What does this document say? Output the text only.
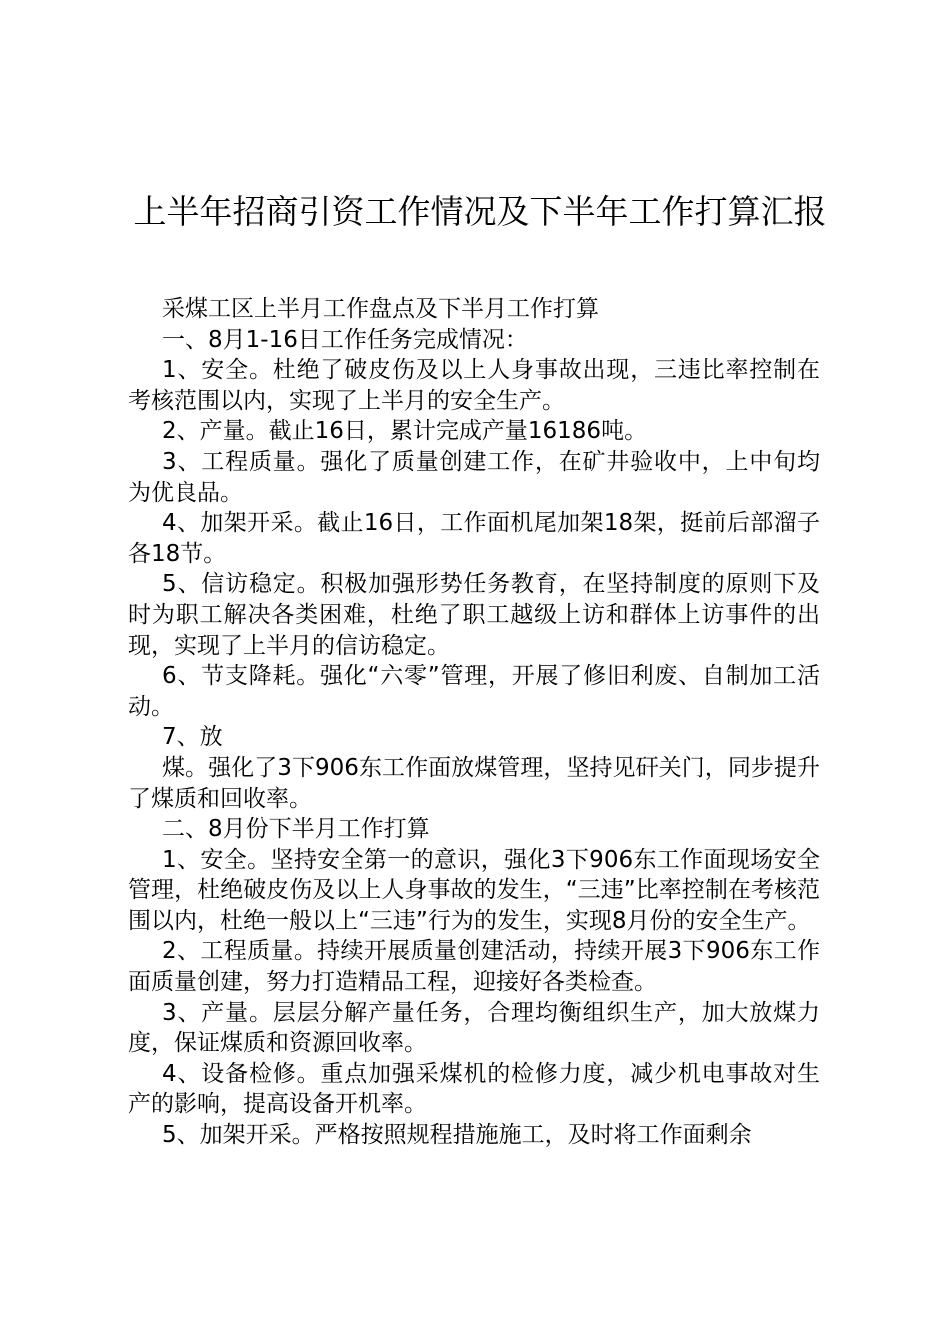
上半年招商引资工作情况及下半年工作打算汇报

采煤工区上半月工作盘点及下半月工作打算

一、8月1-16日工作任务完成情况：

1、安全。杜绝了破皮伤及以上人身事故出现，三违比率控制在考核范围以内，实现了上半月的安全生产。

2、产量。截止16日，累计完成产量16186吨。

3、工程质量。强化了质量创建工作，在矿井验收中，上中旬均为优良品。

4、加架开采。截止16日，工作面机尾加架18架，挺前后部溜子各18节。

5、信访稳定。积极加强形势任务教育，在坚持制度的原则下及时为职工解决各类困难，杜绝了职工越级上访和群体上访事件的出现，实现了上半月的信访稳定。

6、节支降耗。强化“六零”管理，开展了修旧利废、自制加工活动。

7、放

煤。强化了3下906东工作面放煤管理，坚持见矸关门，同步提升了煤质和回收率。

二、8月份下半月工作打算

1、安全。坚持安全第一的意识，强化3下906东工作面现场安全管理，杜绝破皮伤及以上人身事故的发生，“三违”比率控制在考核范围以内，杜绝一般以上“三违”行为的发生，实现8月份的安全生产。

2、工程质量。持续开展质量创建活动，持续开展3下906东工作面质量创建，努力打造精品工程，迎接好各类检查。

3、产量。层层分解产量任务，合理均衡组织生产，加大放煤力度，保证煤质和资源回收率。

4、设备检修。重点加强采煤机的检修力度，减少机电事故对生产的影响，提高设备开机率。

5、加架开采。严格按照规程措施施工，及时将工作面剩余
